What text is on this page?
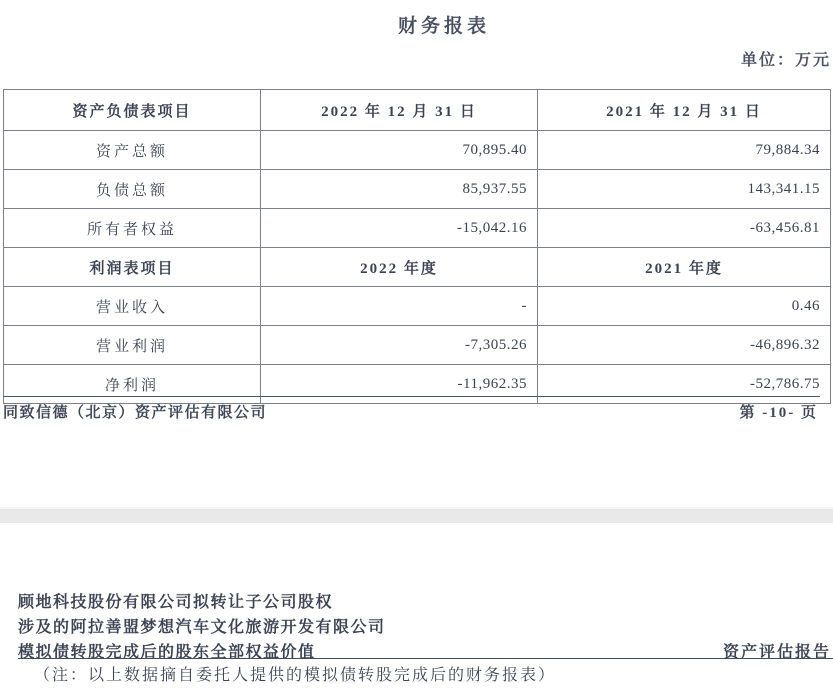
财务报表
单位：万元
资产负债表项目	2022 年 12 月 31 日	2021 年 12 月 31 日
资产总额	70,895.40	79,884.34
负债总额	85,937.55	143,341.15
所有者权益	-15,042.16	-63,456.81
利润表项目	2022 年度	2021 年度
营业收入	-	0.46
营业利润	-7,305.26	-46,896.32
净利润	-11,962.35	-52,786.75
同致信德（北京）资产评估有限公司	第 -10- 页
顾地科技股份有限公司拟转让子公司股权
涉及的阿拉善盟梦想汽车文化旅游开发有限公司
模拟债转股完成后的股东全部权益价值	资产评估报告
（注：以上数据摘自委托人提供的模拟债转股完成后的财务报表）
